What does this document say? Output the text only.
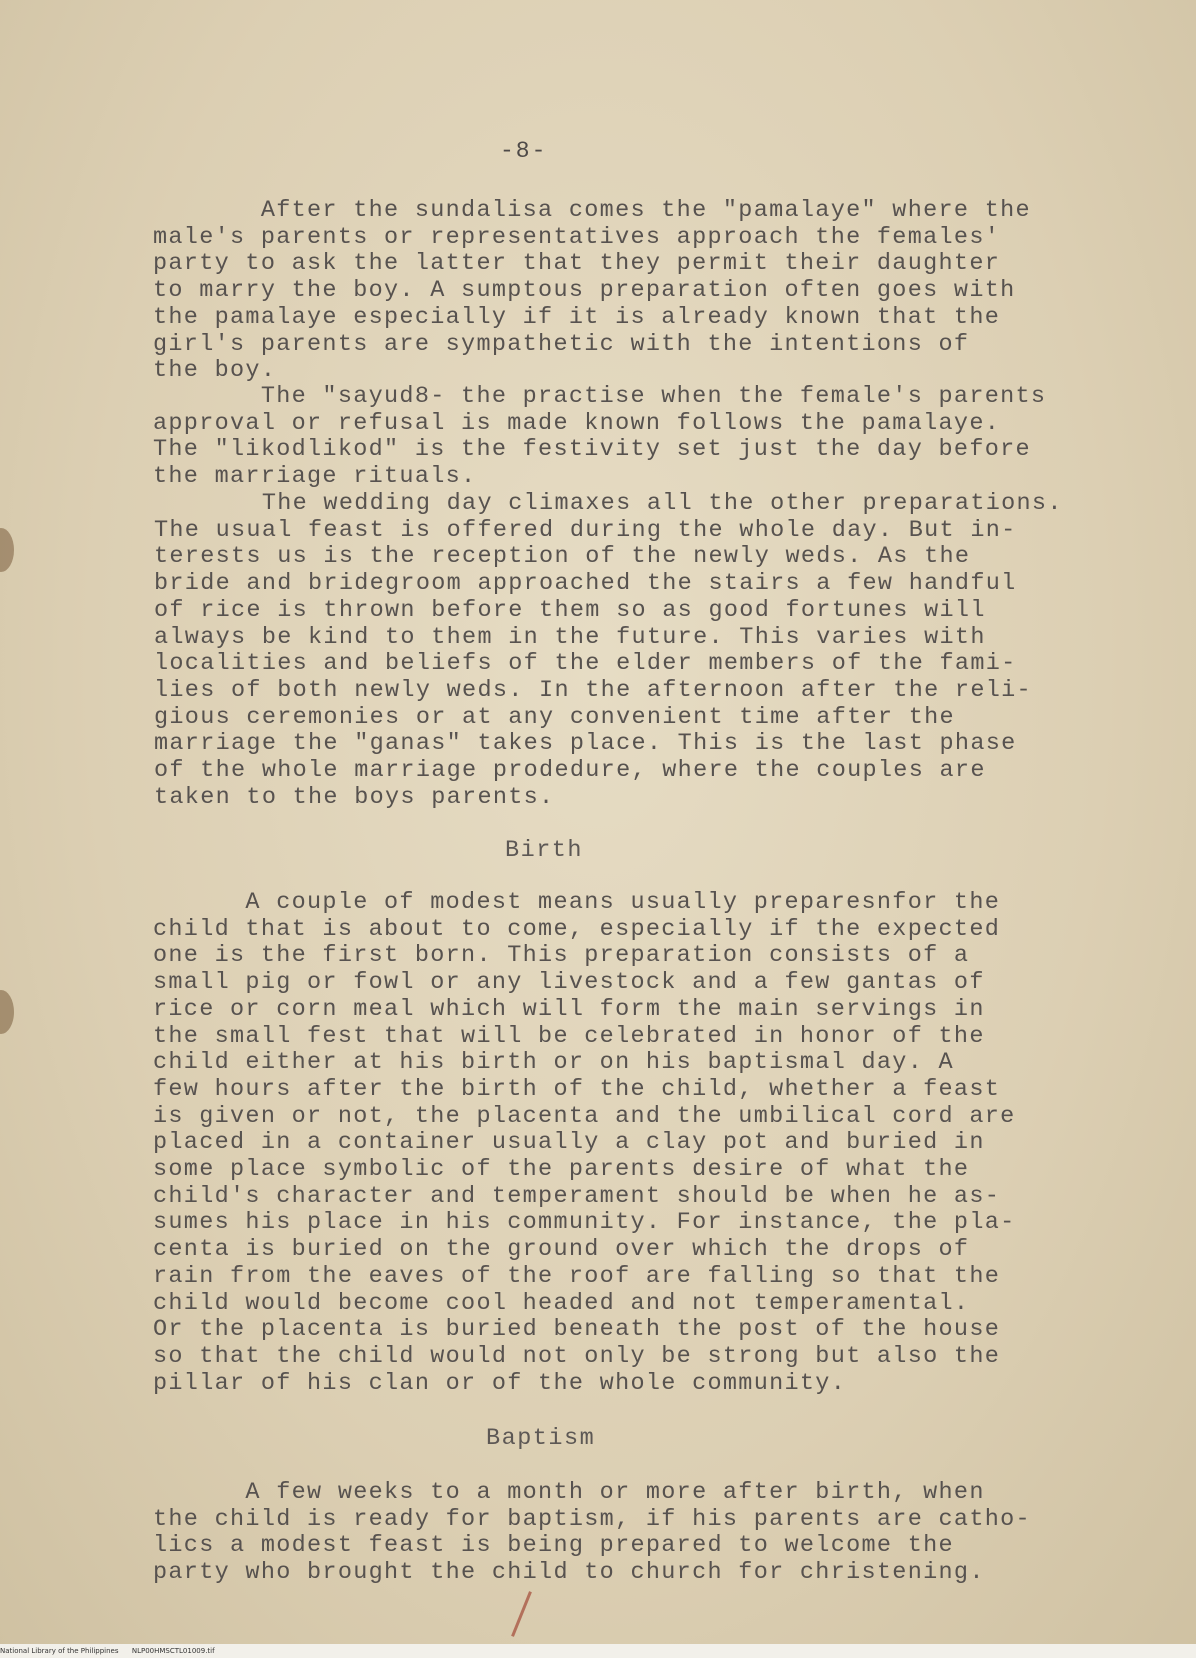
-8-
After the sundalisa comes the "pamalaye" where the
male's parents or representatives approach the females'
party to ask the latter that they permit their daughter
to marry the boy. A sumptous preparation often goes with
the pamalaye especially if it is already known that the
girl's parents are sympathetic with the intentions of
the boy.
The "sayud8- the practise when the female's parents
approval or refusal is made known follows the pamalaye.
The "likodlikod" is the festivity set just the day before
the marriage rituals.
The wedding day climaxes all the other preparations.
The usual feast is offered during the whole day. But in-
terests us is the reception of the newly weds. As the
bride and bridegroom approached the stairs a few handful
of rice is thrown before them so as good fortunes will
always be kind to them in the future. This varies with
localities and beliefs of the elder members of the fami-
lies of both newly weds. In the afternoon after the reli-
gious ceremonies or at any convenient time after the
marriage the "ganas" takes place. This is the last phase
of the whole marriage prodedure, where the couples are
taken to the boys parents.
Birth
A couple of modest means usually preparesnfor the
child that is about to come, especially if the expected
one is the first born. This preparation consists of a
small pig or fowl or any livestock and a few gantas of
rice or corn meal which will form the main servings in
the small fest that will be celebrated in honor of the
child either at his birth or on his baptismal day. A
few hours after the birth of the child, whether a feast
is given or not, the placenta and the umbilical cord are
placed in a container usually a clay pot and buried in
some place symbolic of the parents desire of what the
child's character and temperament should be when he as-
sumes his place in his community. For instance, the pla-
centa is buried on the ground over which the drops of
rain from the eaves of the roof are falling so that the
child would become cool headed and not temperamental.
Or the placenta is buried beneath the post of the house
so that the child would not only be strong but also the
pillar of his clan or of the whole community.
Baptism
A few weeks to a month or more after birth, when
the child is ready for baptism, if his parents are catho-
lics a modest feast is being prepared to welcome the
party who brought the child to church for christening.
National Library of the Philippines NLP00HMSCTL01009.tif
